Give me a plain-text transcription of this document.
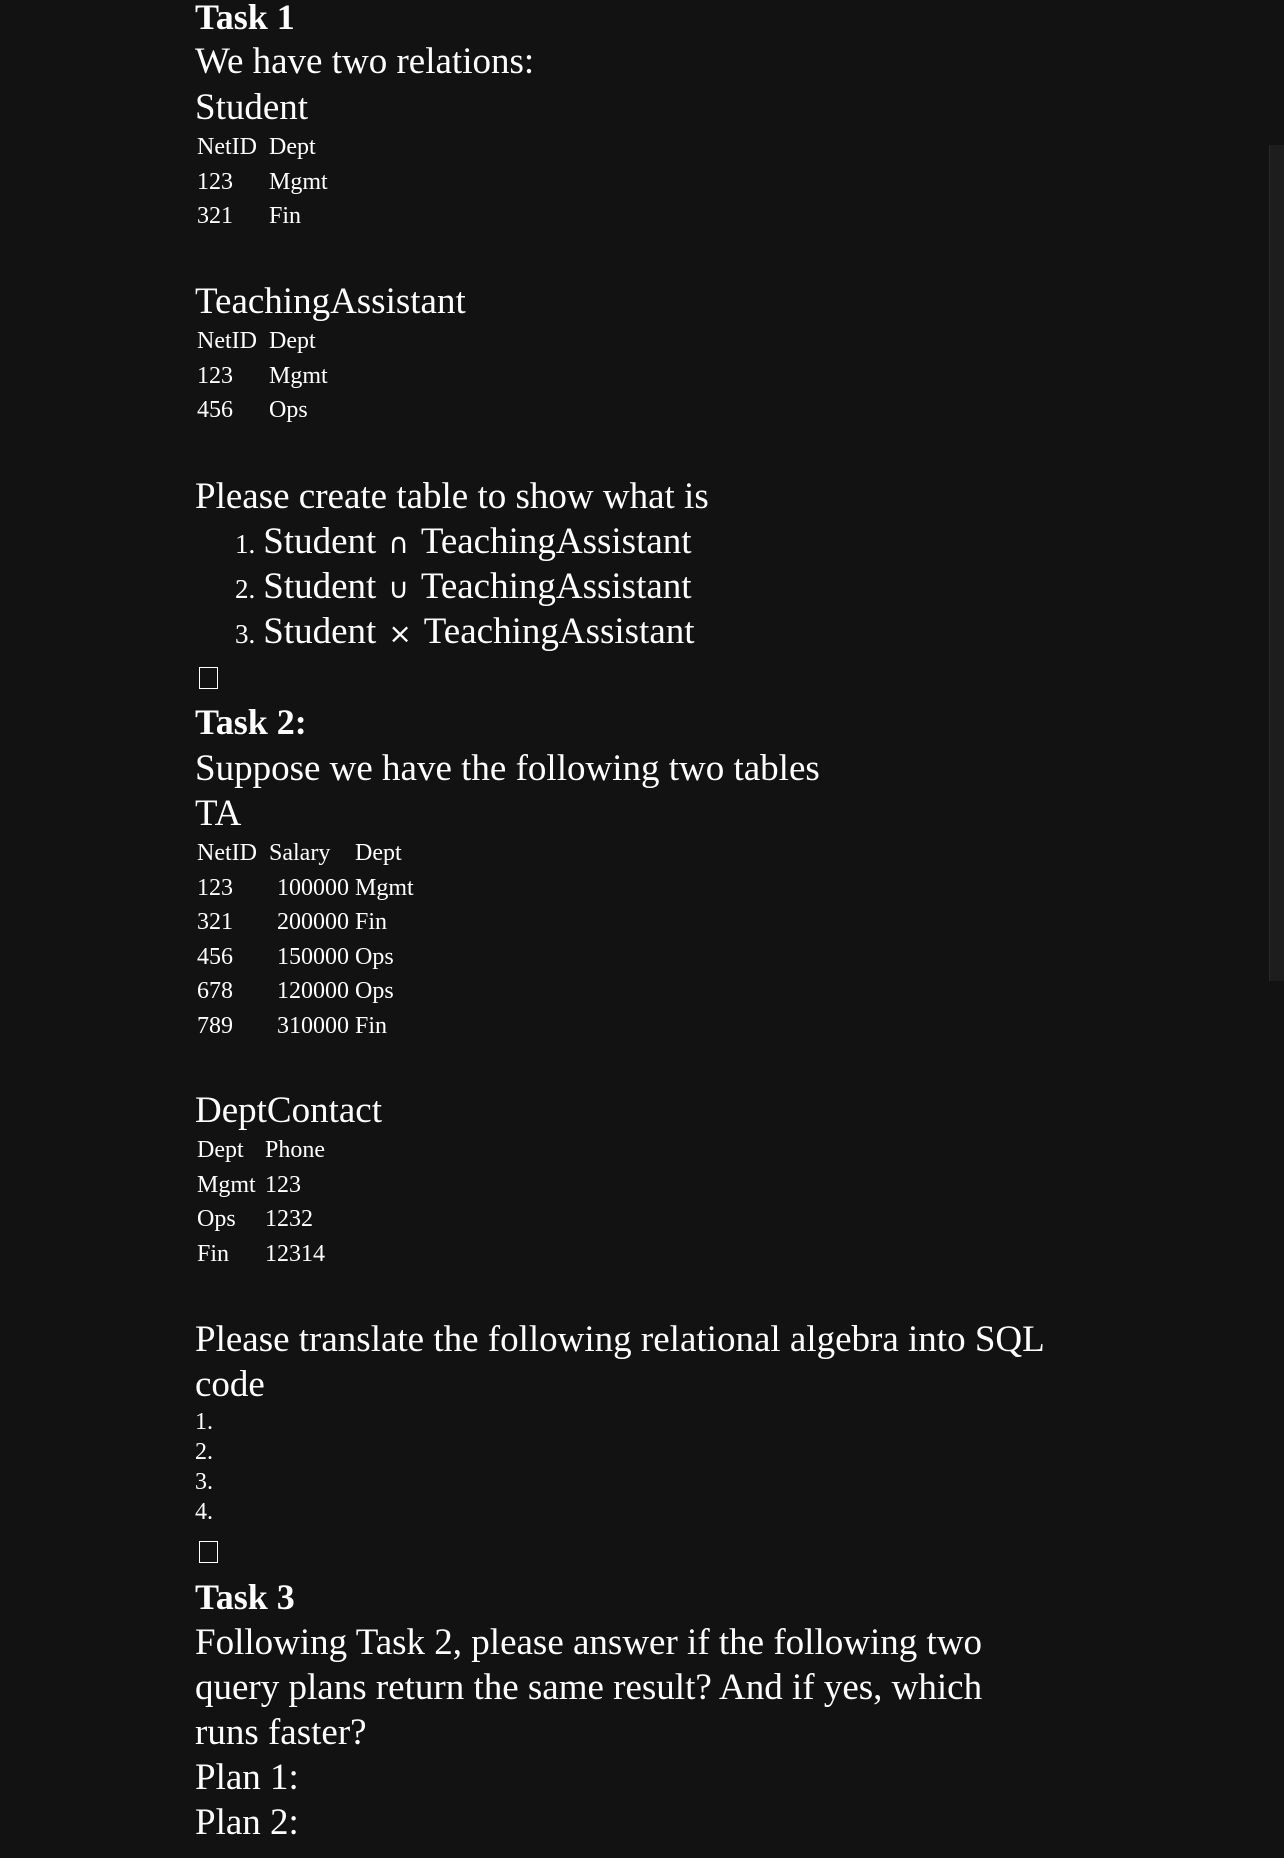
Task 1
We have two relations:
Student
NetID	Dept
123	Mgmt
321	Fin
TeachingAssistant
NetID	Dept
123	Mgmt
456	Ops
Please create table to show what is
1. Student ∩ TeachingAssistant
2. Student ∪ TeachingAssistant
3. Student × TeachingAssistant
Task 2:
Suppose we have the following two tables
TA
NetID	Salary	Dept
123	100000	Mgmt
321	200000	Fin
456	150000	Ops
678	120000	Ops
789	310000	Fin
DeptContact
Dept	Phone
Mgmt	123
Ops	1232
Fin	12314
Please translate the following relational algebra into SQL
code
1.
2.
3.
4.
Task 3
Following Task 2, please answer if the following two
query plans return the same result? And if yes, which
runs faster?
Plan 1:
Plan 2:
